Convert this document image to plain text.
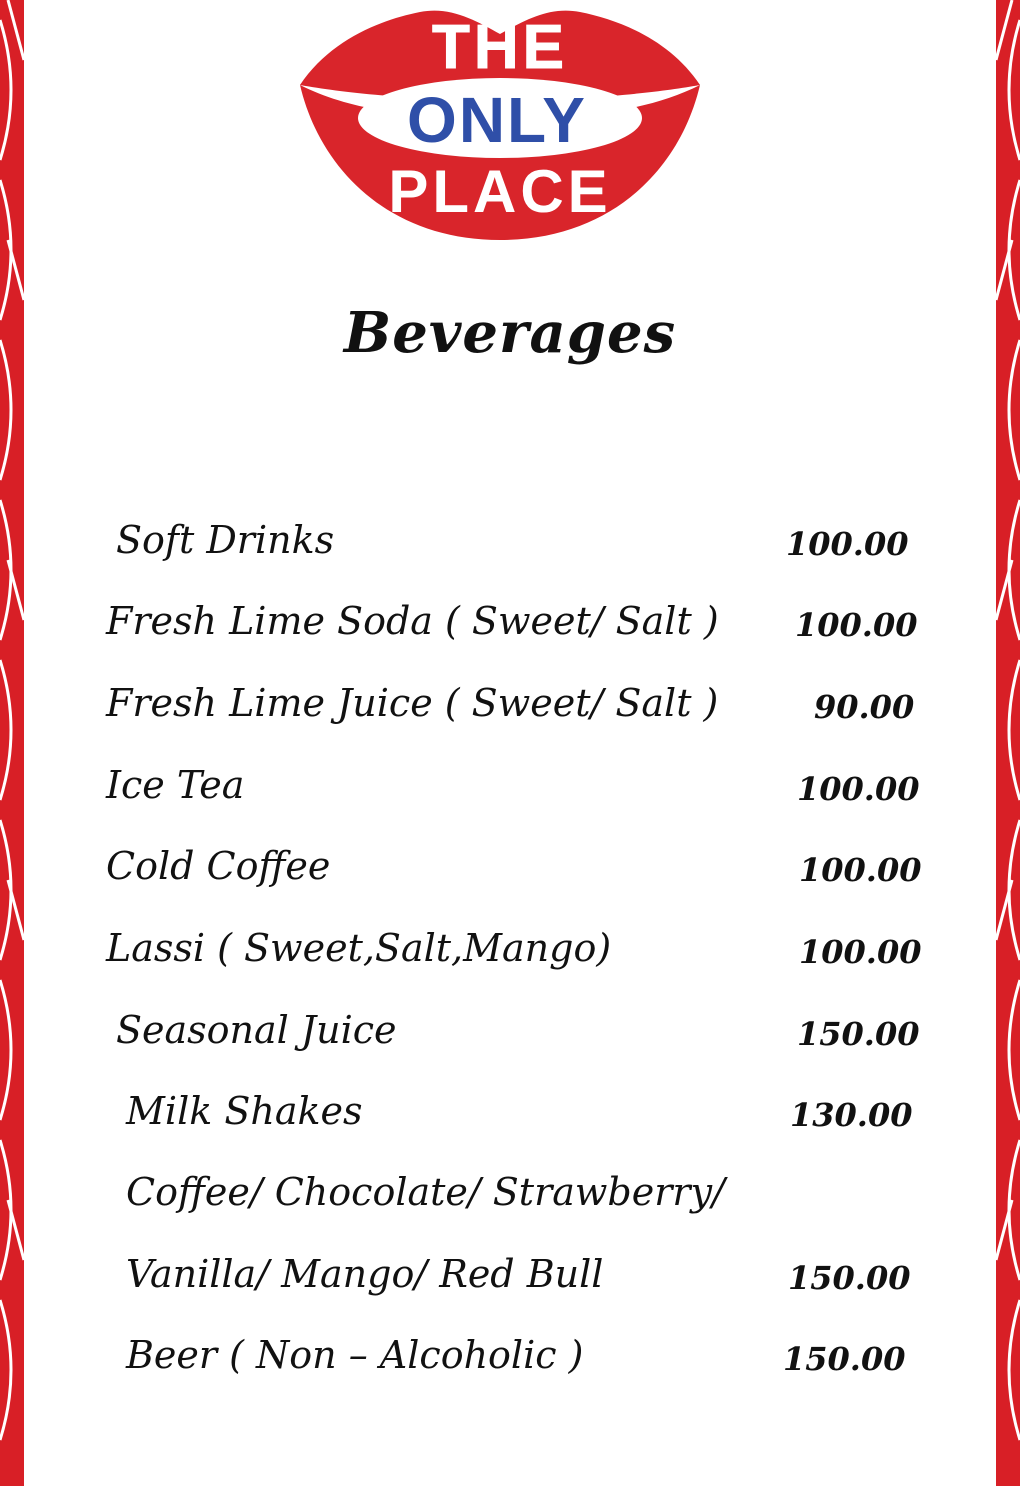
THE
ONLY
PLACE
Beverages
Soft Drinks	100.00
Fresh Lime Soda ( Sweet/ Salt ) 100.00
Fresh Lime Juice ( Sweet/ Salt )	90.00
Ice Tea	100.00
Cold Coffee	100.00
Lassi ( Sweet,Salt,Mango)	100.00
Seasonal Juice	150.00
Milk Shakes	130.00
Coffee/ Chocolate/ Strawberry/
Vanilla/ Mango/ Red Bull	150.00
Beer ( Non – Alcoholic )	150.00
